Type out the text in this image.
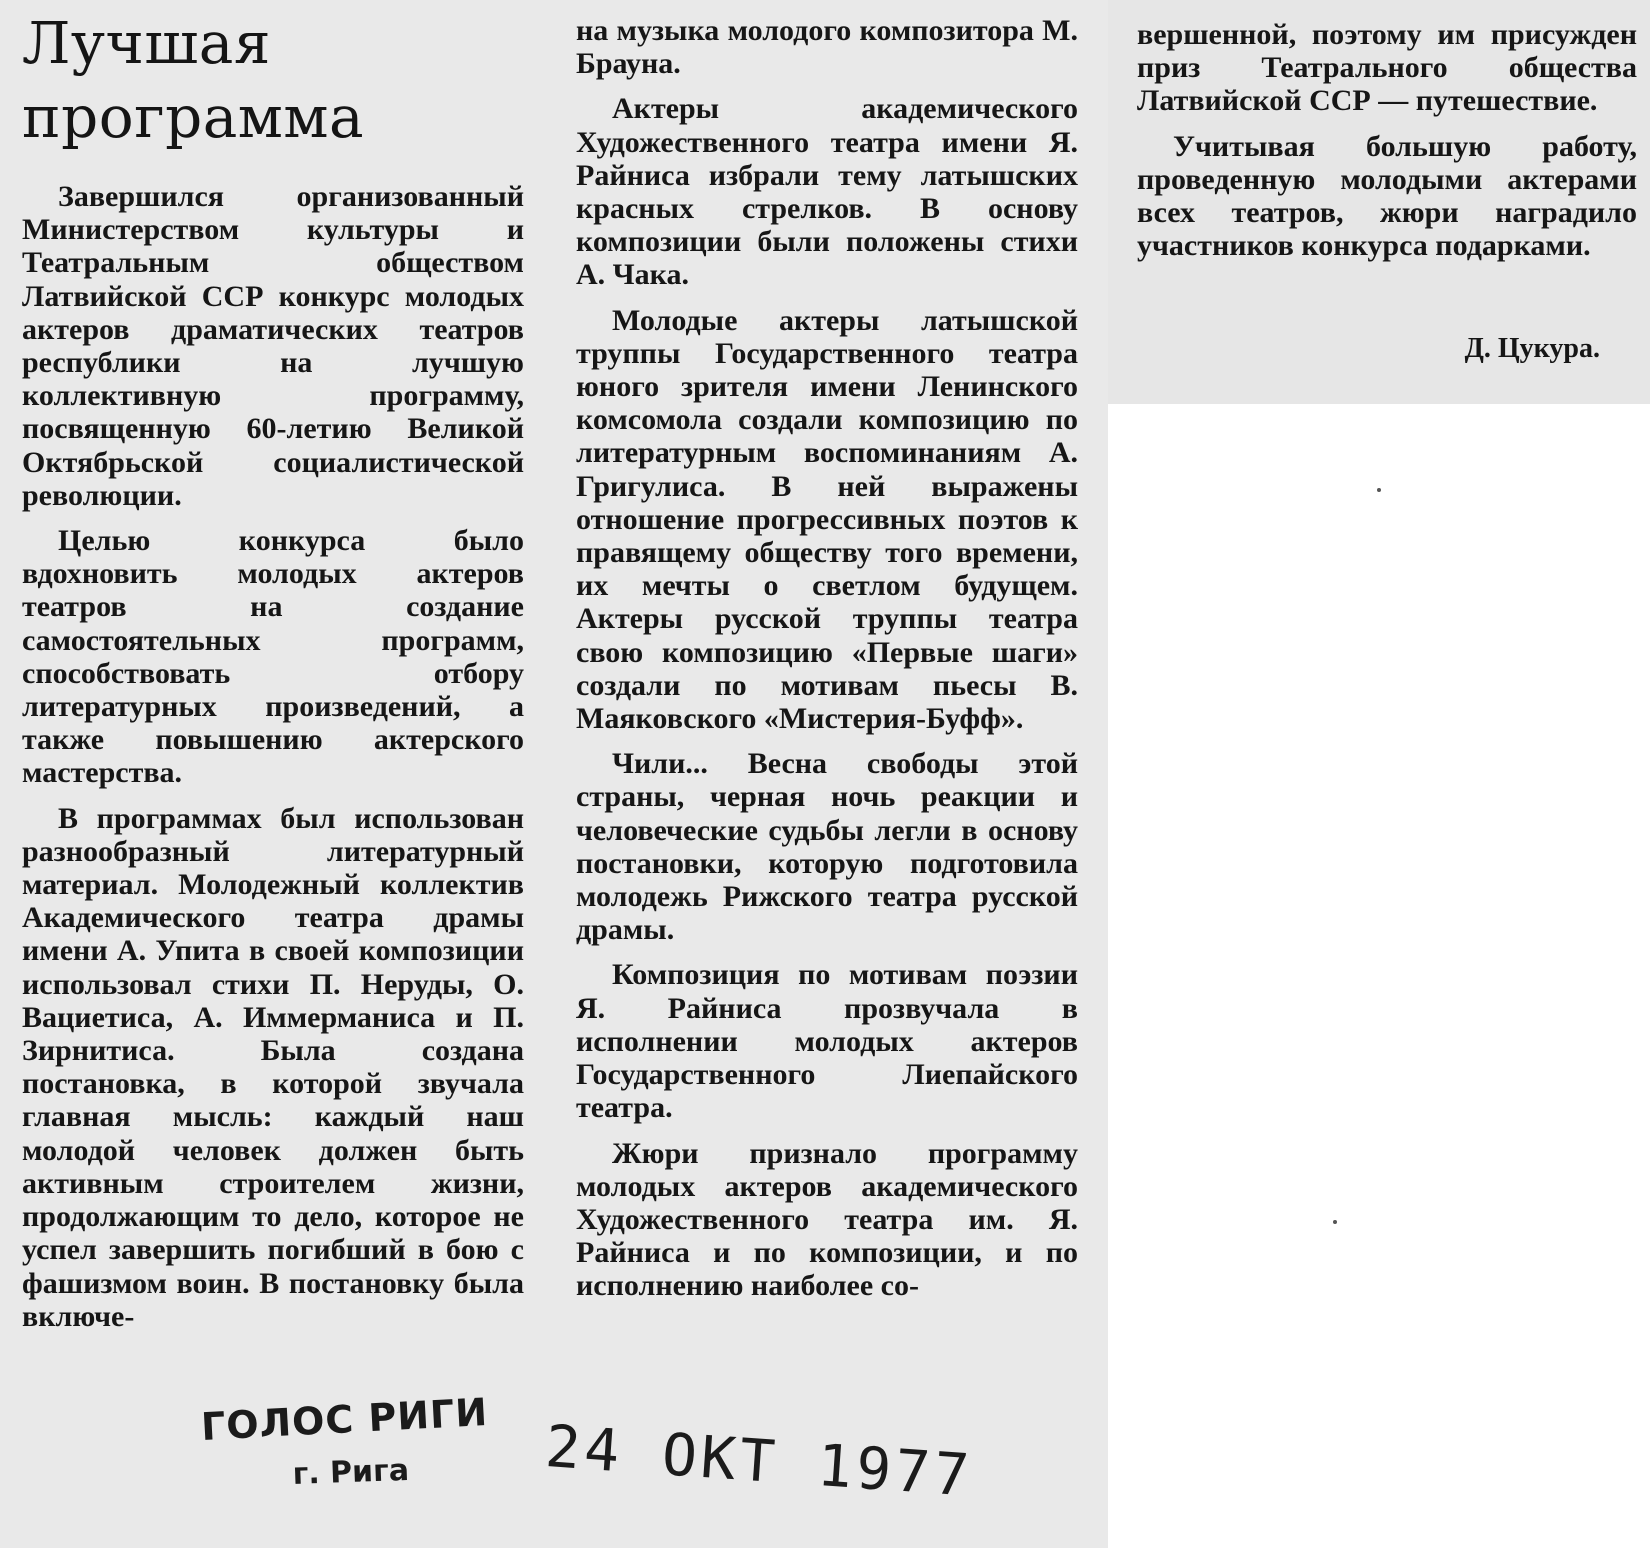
Лучшая
программа

Завершился организованный Министерством культуры и Театральным обществом Латвийской ССР конкурс молодых актеров драматических театров республики на лучшую коллективную программу, посвященную 60-летию Великой Октябрьской социалистической революции.

Целью конкурса было вдохновить молодых актеров театров на создание самостоятельных программ, способствовать отбору литературных произведений, а также повышению актерского мастерства.

В программах был использован разнообразный литературный материал. Молодежный коллектив Академического театра драмы имени А. Упита в своей композиции использовал стихи П. Неруды, О. Вациетиса, А. Иммерманиса и П. Зирнитиса. Была создана постановка, в которой звучала главная мысль: каждый наш молодой человек должен быть активным строителем жизни, продолжающим то дело, которое не успел завершить погибший в бою с фашизмом воин. В постановку была включе-

на музыка молодого композитора М. Брауна.

Актеры академического Художественного театра имени Я. Райниса избрали тему латышских красных стрелков. В основу композиции были положены стихи А. Чака.

Молодые актеры латышской труппы Государственного театра юного зрителя имени Ленинского комсомола создали композицию по литературным воспоминаниям А. Григулиса. В ней выражены отношение прогрессивных поэтов к правящему обществу того времени, их мечты о светлом будущем. Актеры русской труппы театра свою композицию «Первые шаги» создали по мотивам пьесы В. Маяковского «Мистерия-Буфф».

Чили... Весна свободы этой страны, черная ночь реакции и человеческие судьбы легли в основу постановки, которую подготовила молодежь Рижского театра русской драмы.

Композиция по мотивам поэзии Я. Райниса прозвучала в исполнении молодых актеров Государственного Лиепайского театра.

Жюри признало программу молодых актеров академического Художественного театра им. Я. Райниса и по композиции, и по исполнению наиболее со-

вершенной, поэтому им присужден приз Театрального общества Латвийской ССР — путешествие.

Учитывая большую работу, проведенную молодыми актерами всех театров, жюри наградило участников конкурса подарками.

Д. Цукура.
ГОЛОС РИГИ
г. Рига 24 ОКТ 1977
